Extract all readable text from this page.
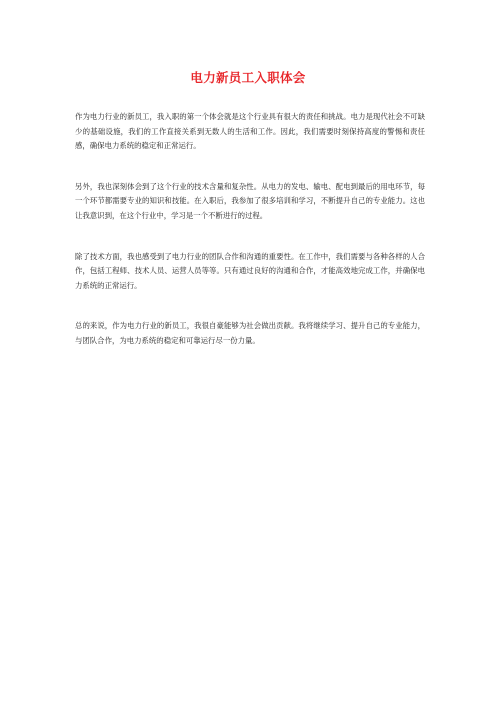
电力新员工入职体会

作为电力行业的新员工，我入职的第一个体会就是这个行业具有很大的责任和挑战。电力是现代社会不可缺少的基础设施，我们的工作直接关系到无数人的生活和工作。因此，我们需要时刻保持高度的警惕和责任感，确保电力系统的稳定和正常运行。

另外，我也深刻体会到了这个行业的技术含量和复杂性。从电力的发电、输电、配电到最后的用电环节，每一个环节都需要专业的知识和技能。在入职后，我参加了很多培训和学习，不断提升自己的专业能力。这也让我意识到，在这个行业中，学习是一个不断进行的过程。

除了技术方面，我也感受到了电力行业的团队合作和沟通的重要性。在工作中，我们需要与各种各样的人合作，包括工程师、技术人员、运营人员等等。只有通过良好的沟通和合作，才能高效地完成工作，并确保电力系统的正常运行。

总的来说，作为电力行业的新员工，我很自豪能够为社会做出贡献。我将继续学习、提升自己的专业能力，与团队合作，为电力系统的稳定和可靠运行尽一份力量。
